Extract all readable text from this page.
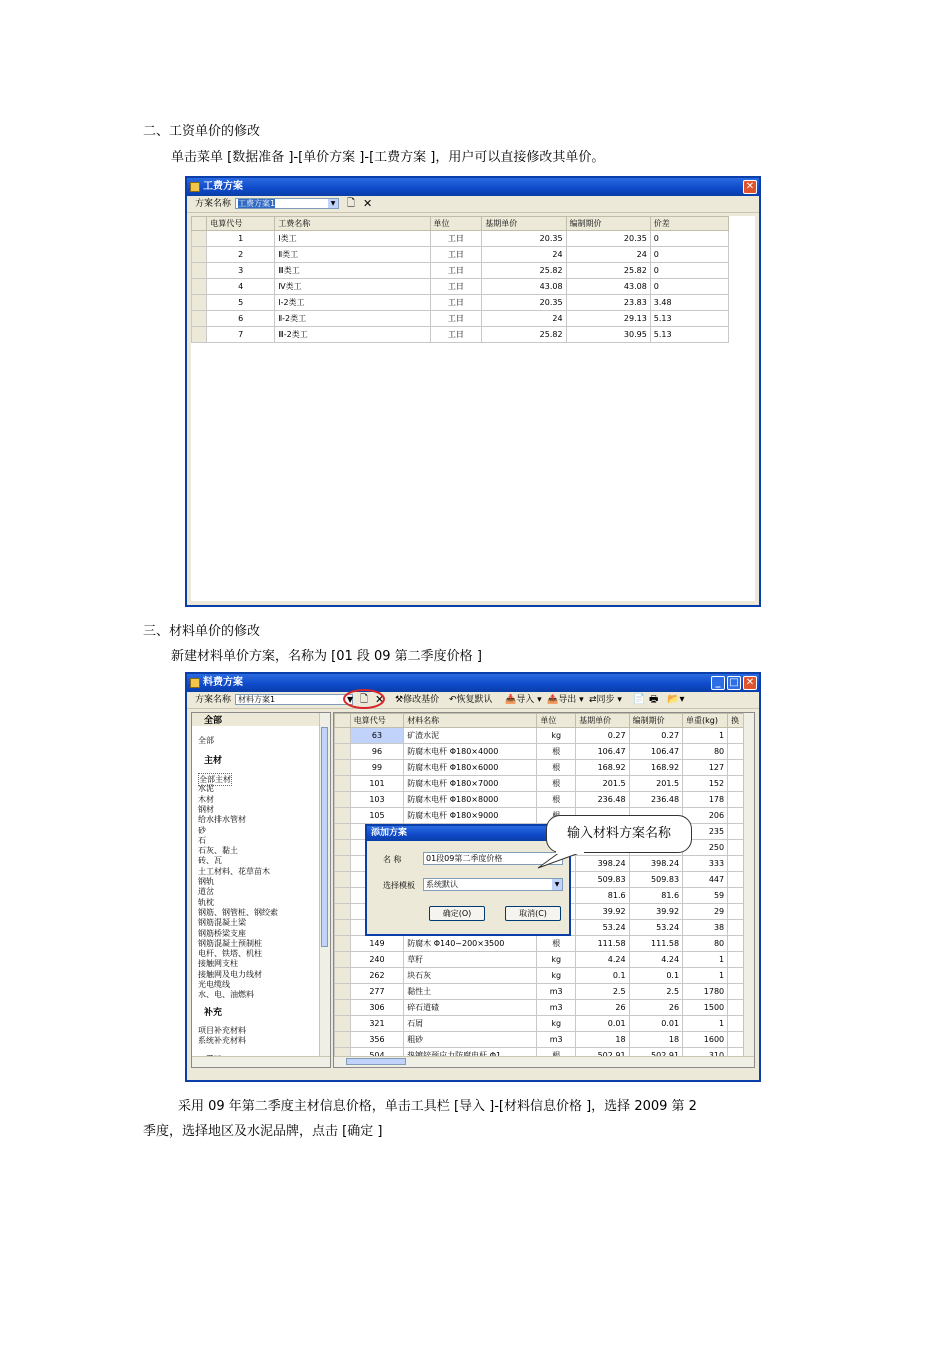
二、工资单价的修改
单击菜单 [数据准备 ]-[单价方案 ]-[工费方案 ]，用户可以直接修改其单价。
工费方案	✕
方案名称 工费方案1	▼ 🗋 ✕
	电算代号	工费名称	单位	基期单价	编制期价	价差
	1	Ⅰ类工	工日	20.35	20.35	0
	2	Ⅱ类工	工日	24	24	0
	3	Ⅲ类工	工日	25.82	25.82	0
	4	Ⅳ类工	工日	43.08	43.08	0
	5	Ⅰ-2类工	工日	20.35	23.83	3.48
	6	Ⅱ-2类工	工日	24	29.13	5.13
	7	Ⅲ-2类工	工日	25.82	30.95	5.13
三、材料单价的修改
新建材料单价方案，名称为 [01 段 09 第二季度价格 ]
料费方案	_ □ ✕
方案名称 材料方案1	▼ 🗋 ✕ ⚒修改基价 ↶恢复默认 📥导入 ▾ 📤导出 ▾ ⇄同步 ▾ 📄 🖶 📂▾
全部
全部
主材
全部主材
水泥
木材
钢材
给水排水管材
砂
石
石灰、黏土
砖、瓦
土工材料、花草苗木
钢轨
道岔
轨枕
钢筋、钢管桩、钢绞索
钢筋混凝土梁
钢筋桥梁支座
钢筋混凝土预制桩
电杆、铁塔、机柱
接触网支柱
接触网及电力线材
光电缆线
水、电、油燃料
补充
项目补充材料
系统补充材料
	电算代号	材料名称	单位	基期单价	编制期价	单重(kg)	换
	63	矿渣水泥	kg	0.27	0.27	1	
	96	防腐木电杆 Φ180×4000	根	106.47	106.47	80	
	99	防腐木电杆 Φ180×6000	根	168.92	168.92	127	
	101	防腐木电杆 Φ180×7000	根	201.5	201.5	152	
	103	防腐木电杆 Φ180×8000	根	236.48	236.48	178	
	105	防腐木电杆 Φ180×9000				206	
						235	
						250	
				398.24	398.24	333	
				509.83	509.83	447	
				81.6	81.6	59	
				39.92	39.92	29	
				53.24	53.24	38	
	149	防腐木 Φ140~200×3500	根	111.58	111.58	80	
	240	草籽	kg	4.24	4.24	1	
	262	块石灰	kg	0.1	0.1	1	
	277	黏性土	m3	2.5	2.5	1780	
	306	碎石道碴	m3	26	26	1500	
	321	石屑	kg	0.01	0.01	1	
	356	粗砂	m3	18	18	1600	

添加方案
名 称	01段09第二季度价格
选择模板	系统默认	▼
确定(O)	取消(C)
输入材料方案名称
采用 09 年第二季度主材信息价格，单击工具栏 [导入 ]-[材料信息价格 ]，选择 2009 第 2
季度，选择地区及水泥品牌，点击 [确定 ]
